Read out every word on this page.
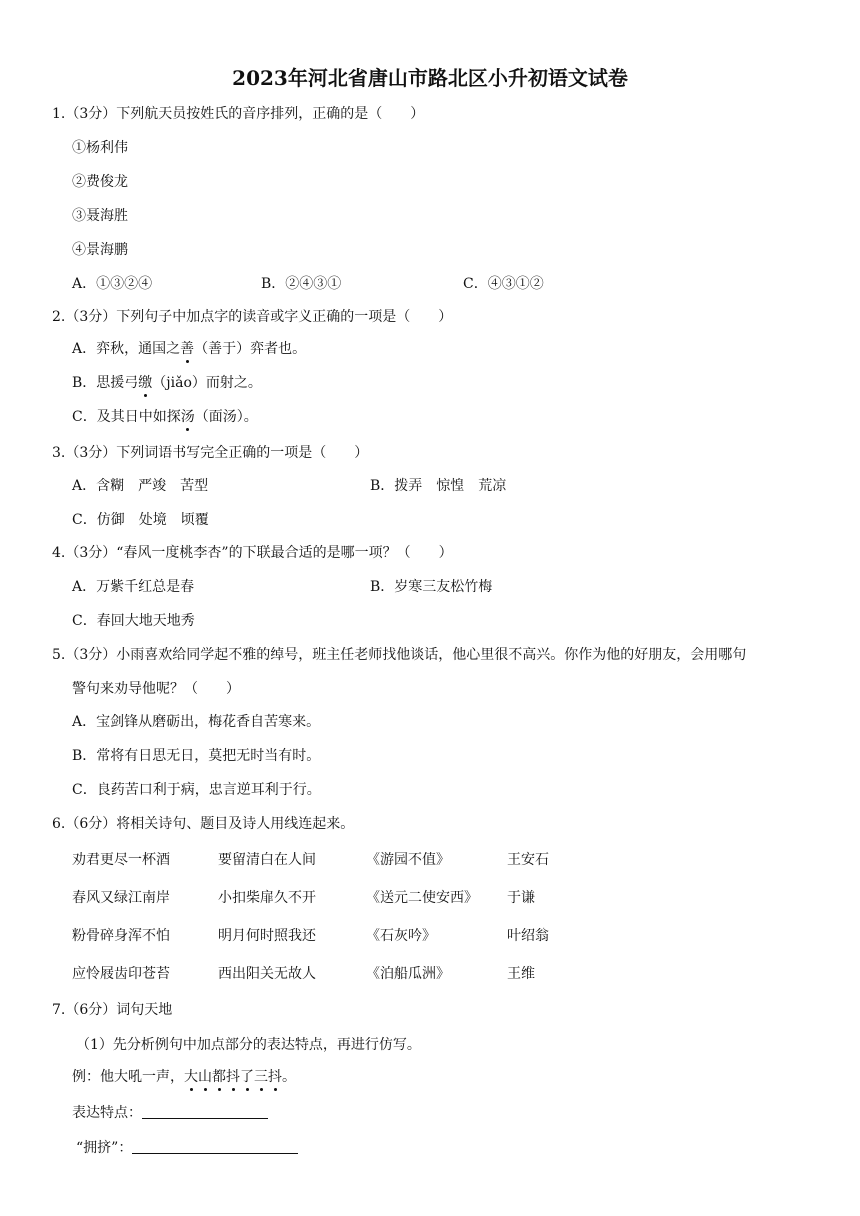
2023年河北省唐山市路北区小升初语文试卷
1.（3分）下列航天员按姓氏的音序排列，正确的是（　　）
①杨利伟
②费俊龙
③聂海胜
④景海鹏
A．①③②④	B．②④③①	C．④③①②
2.（3分）下列句子中加点字的读音或字义正确的一项是（　　）
A．弈秋，通国之善（善于）弈者也。
B．思援弓缴（jiǎo）而射之。
C．及其日中如探汤（面汤）。
3.（3分）下列词语书写完全正确的一项是（　　）
A．含糊　严竣　苦型	B．拨弄　惊惶　荒凉
C．仿御　处境　顷覆
4.（3分）“春风一度桃李杏”的下联最合适的是哪一项？（　　）
A．万紫千红总是春	B．岁寒三友松竹梅
C．春回大地天地秀
5.（3分）小雨喜欢给同学起不雅的绰号，班主任老师找他谈话，他心里很不高兴。你作为他的好朋友，会用哪句
警句来劝导他呢？（　　）
A．宝剑锋从磨砺出，梅花香自苦寒来。
B．常将有日思无日，莫把无时当有时。
C．良药苦口利于病，忠言逆耳利于行。
6.（6分）将相关诗句、题目及诗人用线连起来。
劝君更尽一杯酒	要留清白在人间	《游园不值》	王安石
春风又绿江南岸	小扣柴扉久不开	《送元二使安西》 于谦
粉骨碎身浑不怕	明月何时照我还	《石灰吟》	叶绍翁
应怜屐齿印苍苔	西出阳关无故人	《泊船瓜洲》	王维
7.（6分）词句天地
（1）先分析例句中加点部分的表达特点，再进行仿写。
例：他大吼一声，大山都抖了三抖。
表达特点：
“拥挤”：
